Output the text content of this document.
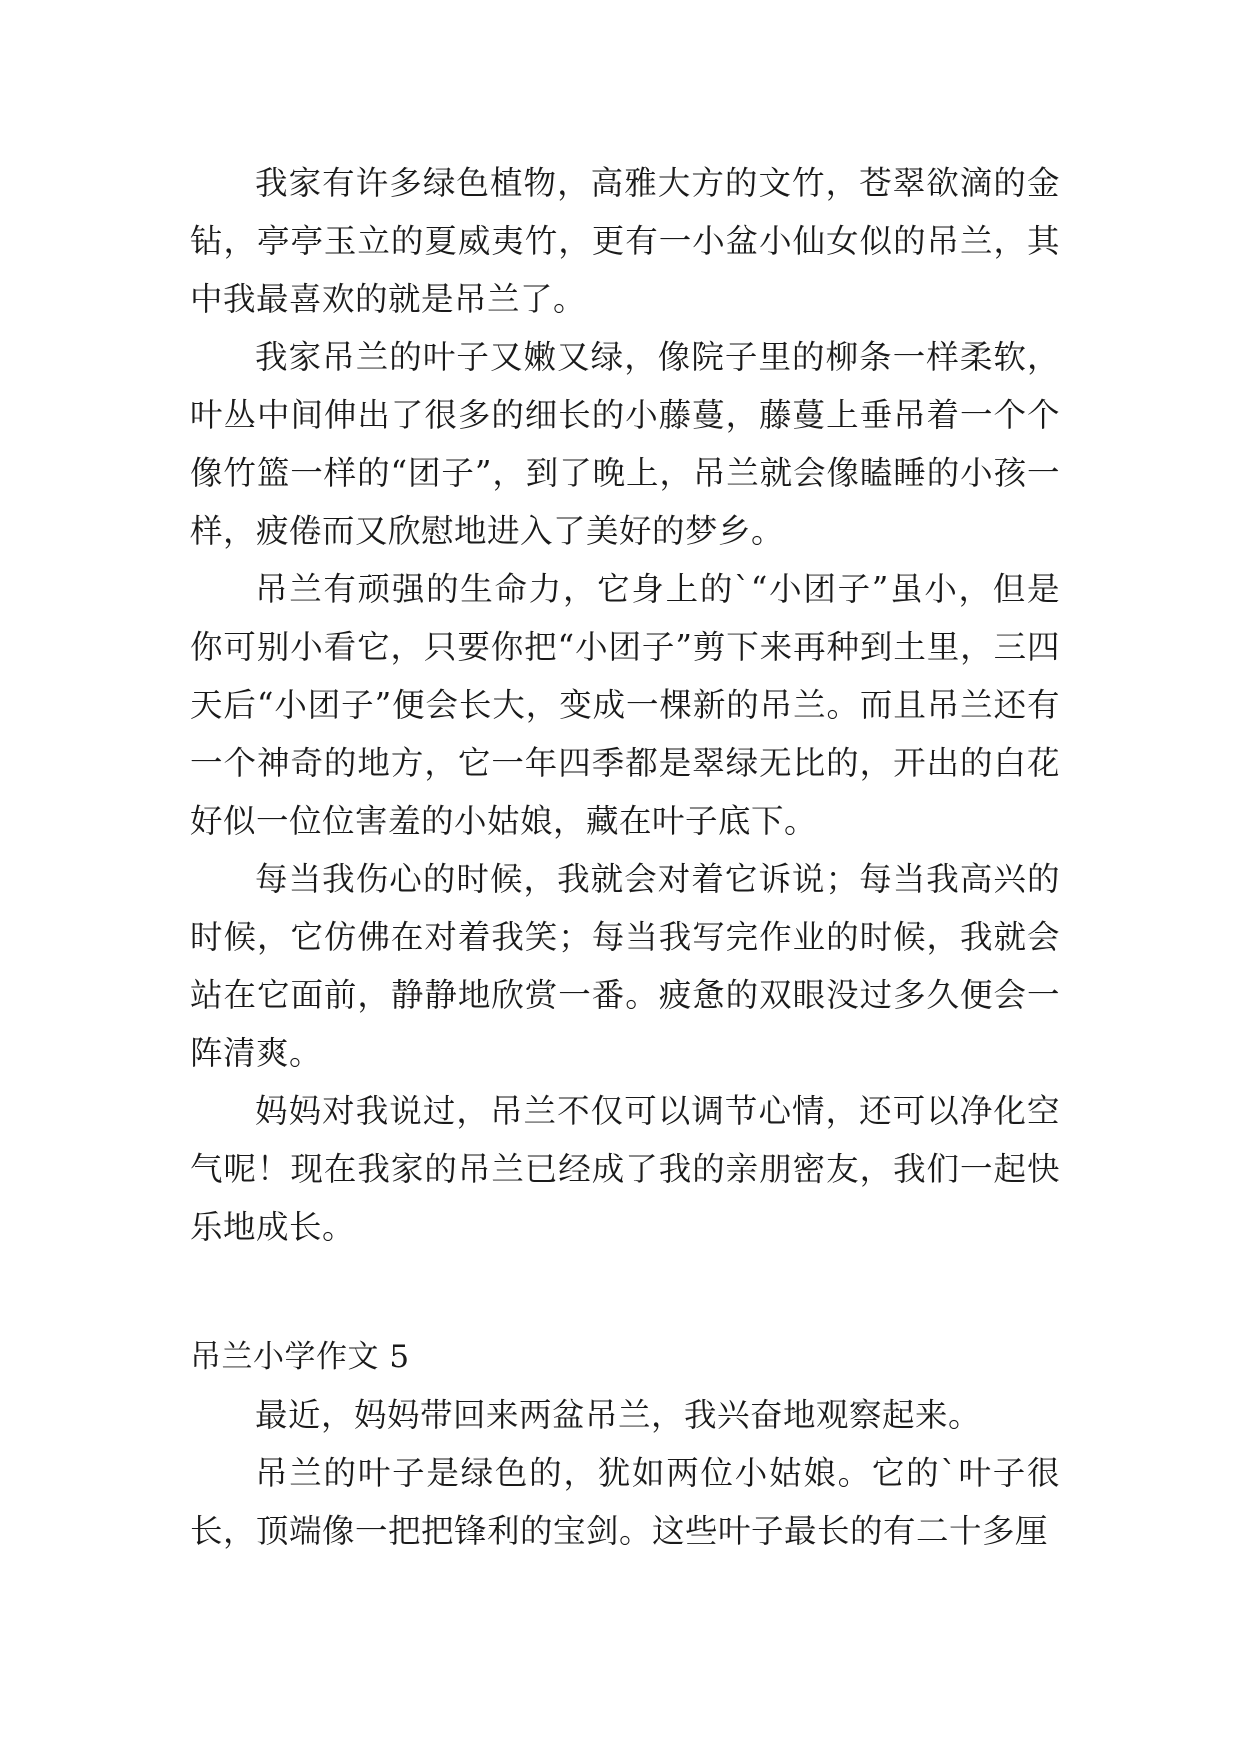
我家有许多绿色植物，高雅大方的文竹，苍翠欲滴的金钻，亭亭玉立的夏威夷竹，更有一小盆小仙女似的吊兰，其中我最喜欢的就是吊兰了。

我家吊兰的叶子又嫩又绿，像院子里的柳条一样柔软，叶丛中间伸出了很多的细长的小藤蔓，藤蔓上垂吊着一个个像竹篮一样的“团子”，到了晚上，吊兰就会像瞌睡的小孩一样，疲倦而又欣慰地进入了美好的梦乡。

吊兰有顽强的生命力，它身上的`“小团子”虽小，但是你可别小看它，只要你把“小团子”剪下来再种到土里，三四天后“小团子”便会长大，变成一棵新的吊兰。而且吊兰还有一个神奇的地方，它一年四季都是翠绿无比的，开出的白花好似一位位害羞的小姑娘，藏在叶子底下。

每当我伤心的时候，我就会对着它诉说；每当我高兴的时候，它仿佛在对着我笑；每当我写完作业的时候，我就会站在它面前，静静地欣赏一番。疲惫的双眼没过多久便会一阵清爽。

妈妈对我说过，吊兰不仅可以调节心情，还可以净化空气呢！现在我家的吊兰已经成了我的亲朋密友，我们一起快乐地成长。

吊兰小学作文 5

最近，妈妈带回来两盆吊兰，我兴奋地观察起来。

吊兰的叶子是绿色的，犹如两位小姑娘。它的`叶子很长，顶端像一把把锋利的宝剑。这些叶子最长的有二十多厘
